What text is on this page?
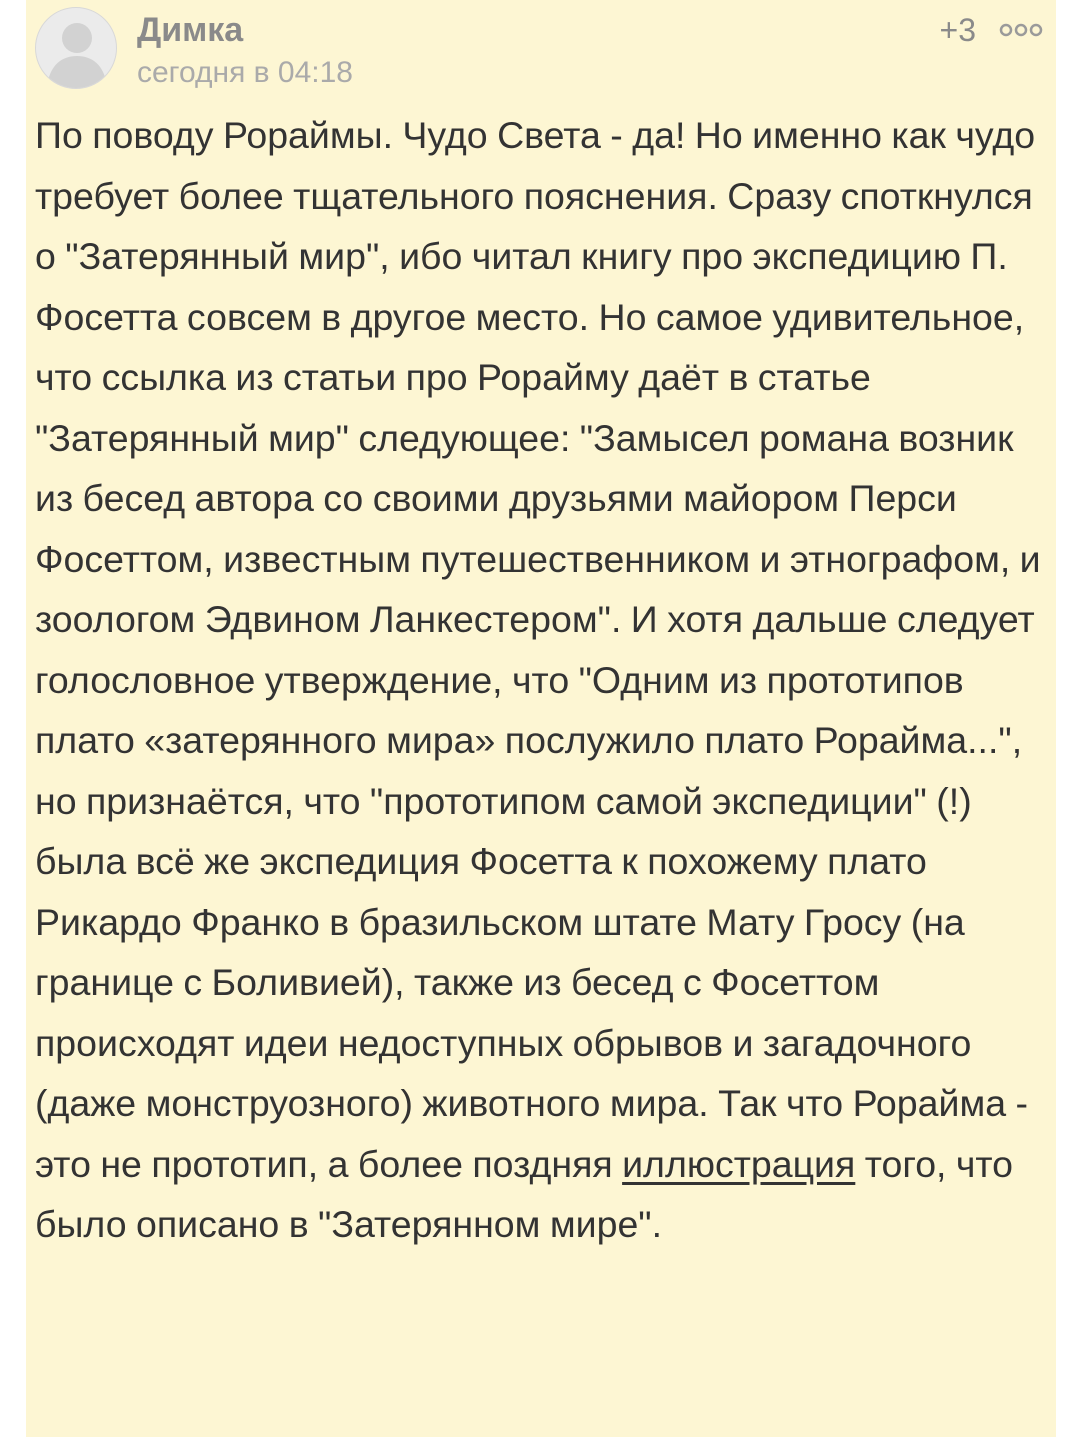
Димка
сегодня в 04:18
+3

По поводу Рораймы. Чудо Света - да! Но именно как чудо требует более тщательного пояснения. Сразу споткнулся о "Затерянный мир", ибо читал книгу про экспедицию П. Фосетта совсем в другое место. Но самое удивительное, что ссылка из статьи про Рорайму даёт в статье "Затерянный мир" следующее: "Замысел романа возник из бесед автора со своими друзьями майором Перси Фосеттом, известным путешественником и этнографом, и зоологом Эдвином Ланкестером". И хотя дальше следует голословное утверждение, что "Одним из прототипов плато «затерянного мира» послужило плато Рорайма...", но признаётся, что "прототипом самой экспедиции" (!) была всё же экспедиция Фосетта к похожему плато Рикардо Франко в бразильском штате Мату Гросу (на границе с Боливией), также из бесед с Фосеттом происходят идеи недоступных обрывов и загадочного (даже монструозного) животного мира. Так что Рорайма - это не прототип, а более поздняя иллюстрация того, что было описано в "Затерянном мире".
